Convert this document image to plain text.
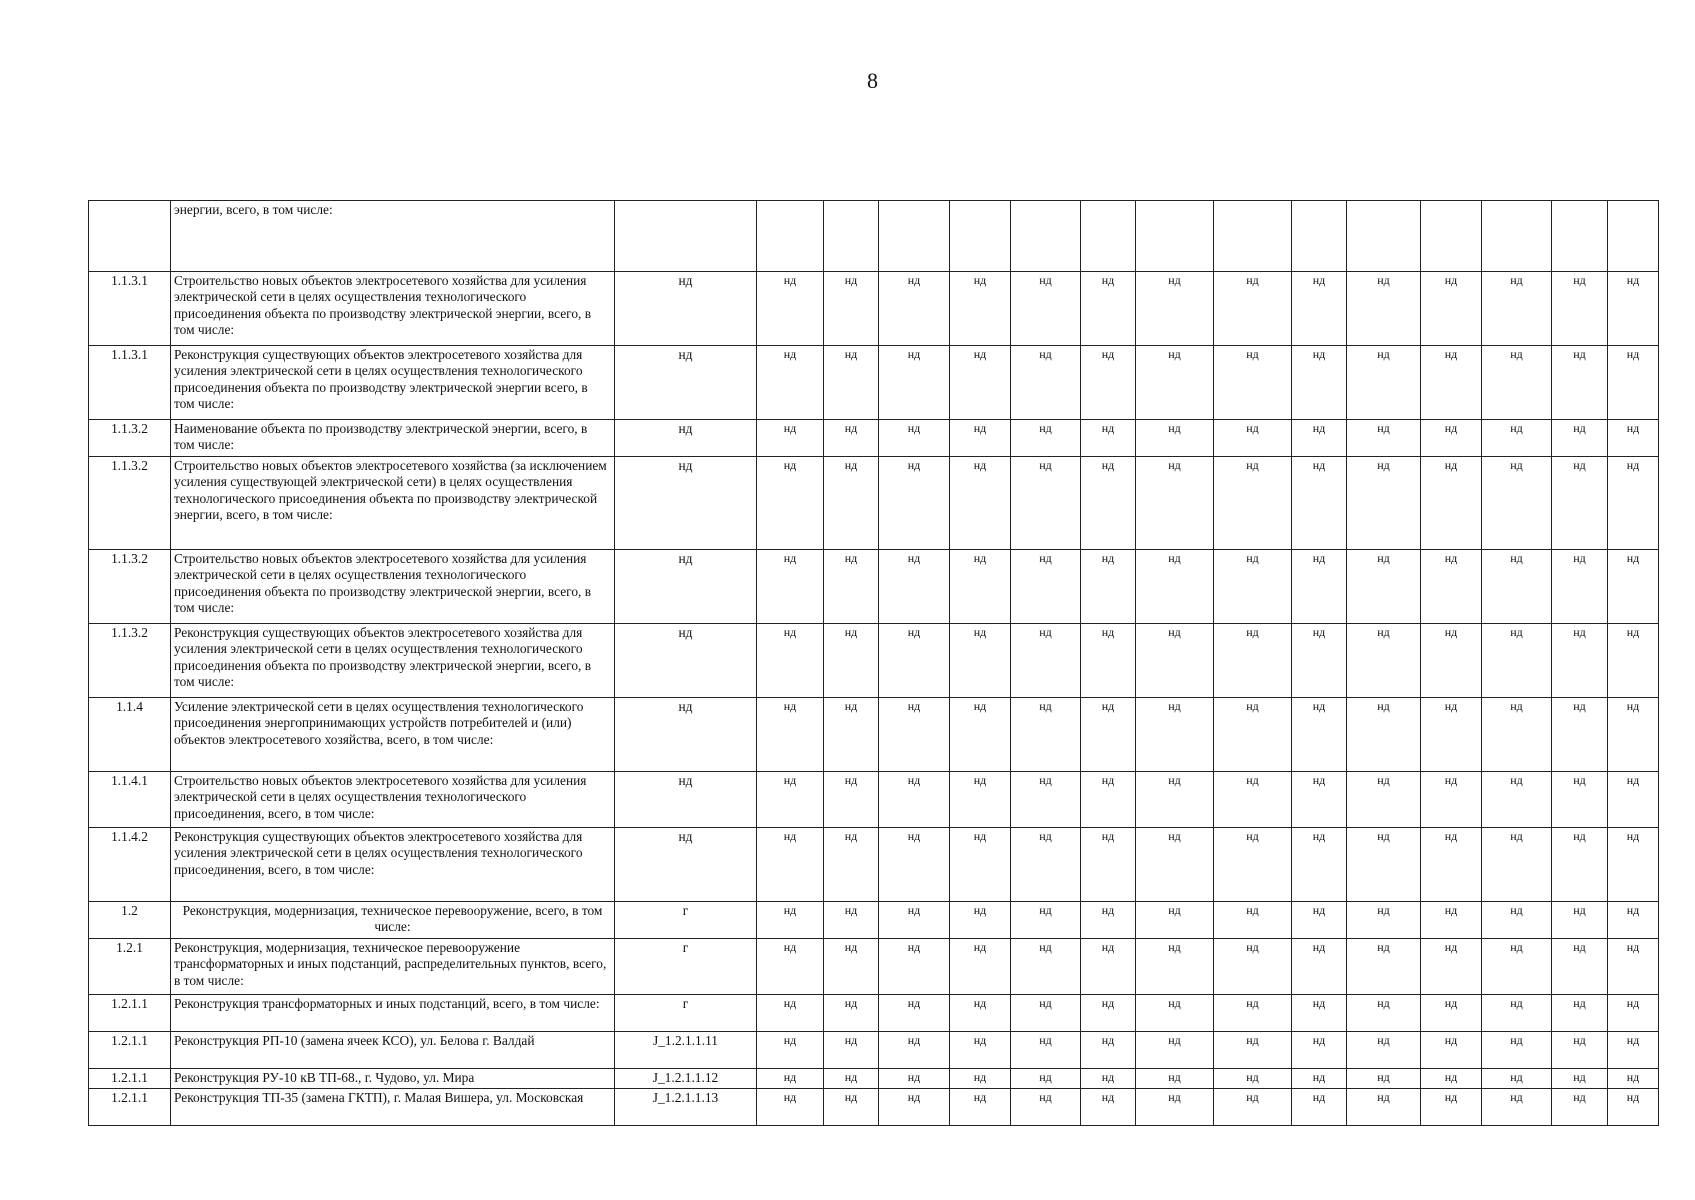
8
	энергии, всего, в том числе:																
1.1.3.1	Строительство новых объектов электросетевого хозяйства для усиления электрической сети в целях осуществления технологического присоединения объекта по производству электрической энергии, всего, в том числе:	нд	нд	нд	нд	нд	нд	нд	нд	нд	нд	нд	нд	нд	нд	нд	
1.1.3.1	Реконструкция существующих объектов электросетевого хозяйства для усиления электрической сети в целях осуществления технологического присоединения объекта по производству электрической энергии всего, в том числе:	нд	нд	нд	нд	нд	нд	нд	нд	нд	нд	нд	нд	нд	нд	нд	
1.1.3.2	Наименование объекта по производству электрической энергии, всего, в том числе:	нд	нд	нд	нд	нд	нд	нд	нд	нд	нд	нд	нд	нд	нд	нд	
1.1.3.2	Строительство новых объектов электросетевого хозяйства (за исключением усиления существующей электрической сети) в целях осуществления технологического присоединения объекта по производству электрической энергии, всего, в том числе:	нд	нд	нд	нд	нд	нд	нд	нд	нд	нд	нд	нд	нд	нд	нд	
1.1.3.2	Строительство новых объектов электросетевого хозяйства для усиления электрической сети в целях осуществления технологического присоединения объекта по производству электрической энергии, всего, в том числе:	нд	нд	нд	нд	нд	нд	нд	нд	нд	нд	нд	нд	нд	нд	нд	
1.1.3.2	Реконструкция существующих объектов электросетевого хозяйства для усиления электрической сети в целях осуществления технологического присоединения объекта по производству электрической энергии, всего, в том числе:	нд	нд	нд	нд	нд	нд	нд	нд	нд	нд	нд	нд	нд	нд	нд	
1.1.4	Усиление электрической сети в целях осуществления технологического присоединения энергопринимающих устройств потребителей и (или) объектов электросетевого хозяйства, всего, в том числе:	нд	нд	нд	нд	нд	нд	нд	нд	нд	нд	нд	нд	нд	нд	нд	
1.1.4.1	Строительство новых объектов электросетевого хозяйства для усиления электрической сети в целях осуществления технологического присоединения, всего, в том числе:	нд	нд	нд	нд	нд	нд	нд	нд	нд	нд	нд	нд	нд	нд	нд	
1.1.4.2	Реконструкция существующих объектов электросетевого хозяйства для усиления электрической сети в целях осуществления технологического присоединения, всего, в том числе:	нд	нд	нд	нд	нд	нд	нд	нд	нд	нд	нд	нд	нд	нд	нд	
1.2	Реконструкция, модернизация, техническое перевооружение, всего, в том числе:	г	нд	нд	нд	нд	нд	нд	нд	нд	нд	нд	нд	нд	нд	нд	
1.2.1	Реконструкция, модернизация, техническое перевооружение трансформаторных и иных подстанций, распределительных пунктов, всего, в том числе:	г	нд	нд	нд	нд	нд	нд	нд	нд	нд	нд	нд	нд	нд	нд	
1.2.1.1	Реконструкция трансформаторных и иных подстанций, всего, в том числе:	г	нд	нд	нд	нд	нд	нд	нд	нд	нд	нд	нд	нд	нд	нд	
1.2.1.1	Реконструкция РП-10 (замена ячеек КСО), ул. Белова г. Валдай	J_1.2.1.1.11	нд	нд	нд	нд	нд	нд	нд	нд	нд	нд	нд	нд	нд	нд	
1.2.1.1	Реконструкция РУ-10 кВ ТП-68., г. Чудово, ул. Мира	J_1.2.1.1.12	нд	нд	нд	нд	нд	нд	нд	нд	нд	нд	нд	нд	нд	нд	
1.2.1.1	Реконструкция ТП-35 (замена ГКТП), г. Малая Вишера, ул. Московская	J_1.2.1.1.13	нд	нд	нд	нд	нд	нд	нд	нд	нд	нд	нд	нд	нд	нд	
